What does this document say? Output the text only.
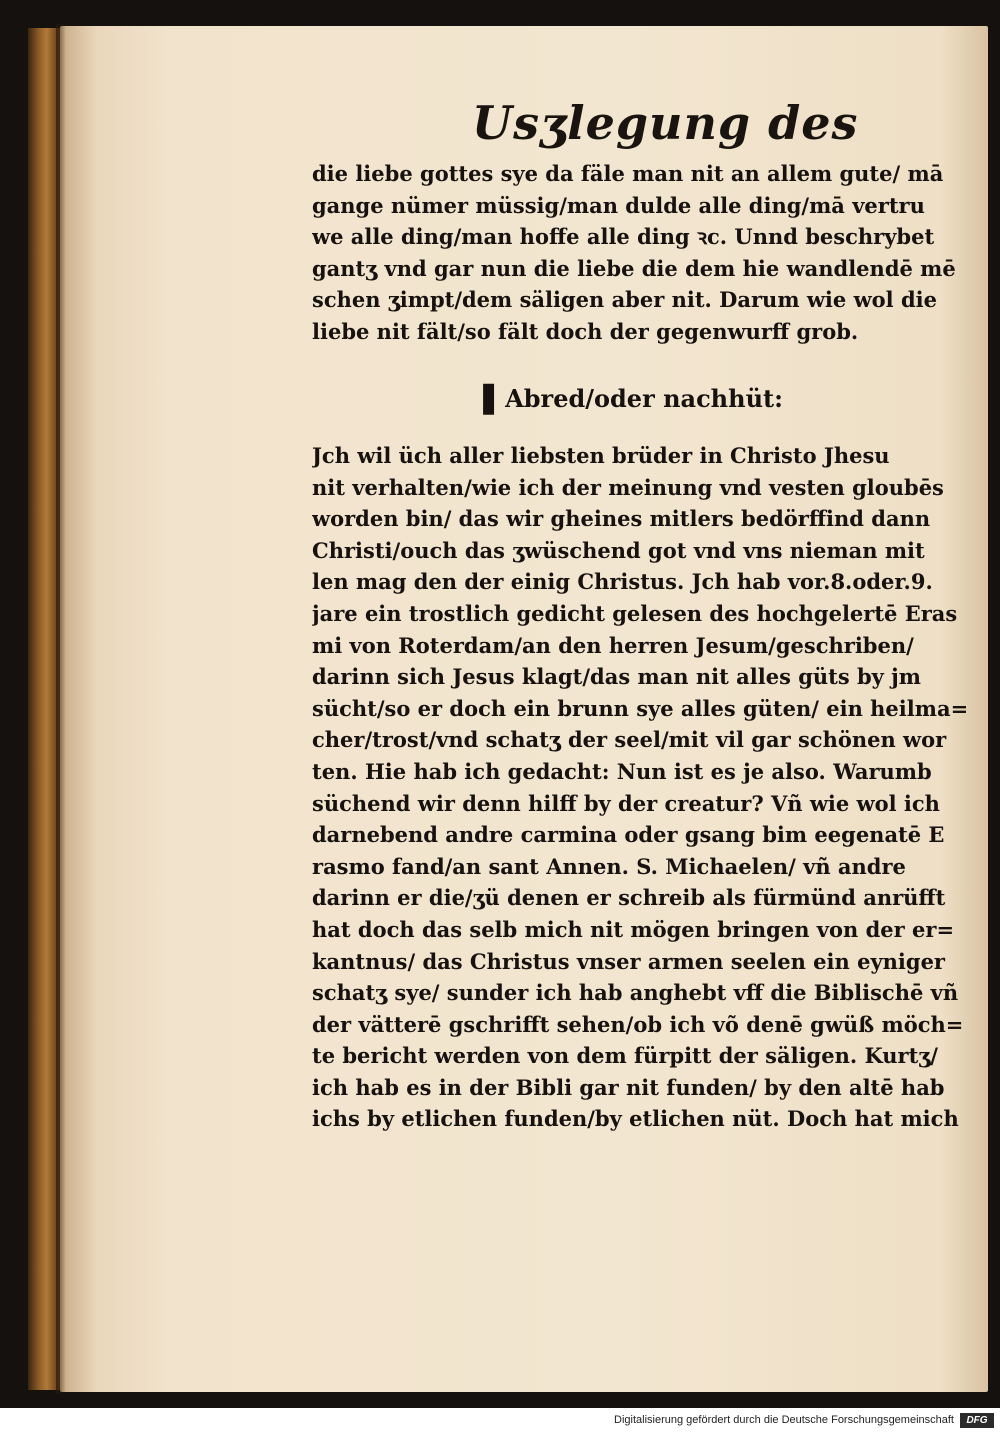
Usʒlegung des
die liebe gottes sye da fäle man nit an allem gute/ mā
gange nümer müssig/man dulde alle ding/mā vertru
we alle ding/man hoffe alle ding ꝛc. Unnd beschrybet
gantʒ vnd gar nun die liebe die dem hie wandlendē mē
schen ʒimpt/dem säligen aber nit. Darum wie wol die
liebe nit fält/so fält doch der gegenwurff grob.
❚ Abred/oder nachhüt:
Jch wil üch aller liebsten brüder in Christo Jhesu
nit verhalten/wie ich der meinung vnd vesten gloubēs
worden bin/ das wir gheines mitlers bedörffind dann
Christi/ouch das ʒwüschend got vnd vns nieman mit
len mag den der einig Christus. Jch hab vor.8.oder.9.
jare ein trostlich gedicht gelesen des hochgelertē Eras
mi von Roterdam/an den herren Jesum/geschriben/
darinn sich Jesus klagt/das man nit alles güts by jm
sücht/so er doch ein brunn sye alles güten/ ein heilma=
cher/trost/vnd schatʒ der seel/mit vil gar schönen wor
ten. Hie hab ich gedacht: Nun ist es je also. Warumb
süchend wir denn hilff by der creatur? Vñ wie wol ich
darnebend andre carmina oder gsang bim eegenatē E
rasmo fand/an sant Annen. S. Michaelen/ vñ andre
darinn er die/ʒü denen er schreib als fürmünd anrüfft
hat doch das selb mich nit mögen bringen von der er=
kantnus/ das Christus vnser armen seelen ein eyniger
schatʒ sye/ sunder ich hab anghebt vff die Biblischē vñ
der vätterē gschrifft sehen/ob ich võ denē gwüß möch=
te bericht werden von dem fürpitt der säligen. Kurtʒ/
ich hab es in der Bibli gar nit funden/ by den altē hab
ichs by etlichen funden/by etlichen nüt. Doch hat mich
Digitalisierung gefördert durch die Deutsche Forschungsgemeinschaft	DFG
